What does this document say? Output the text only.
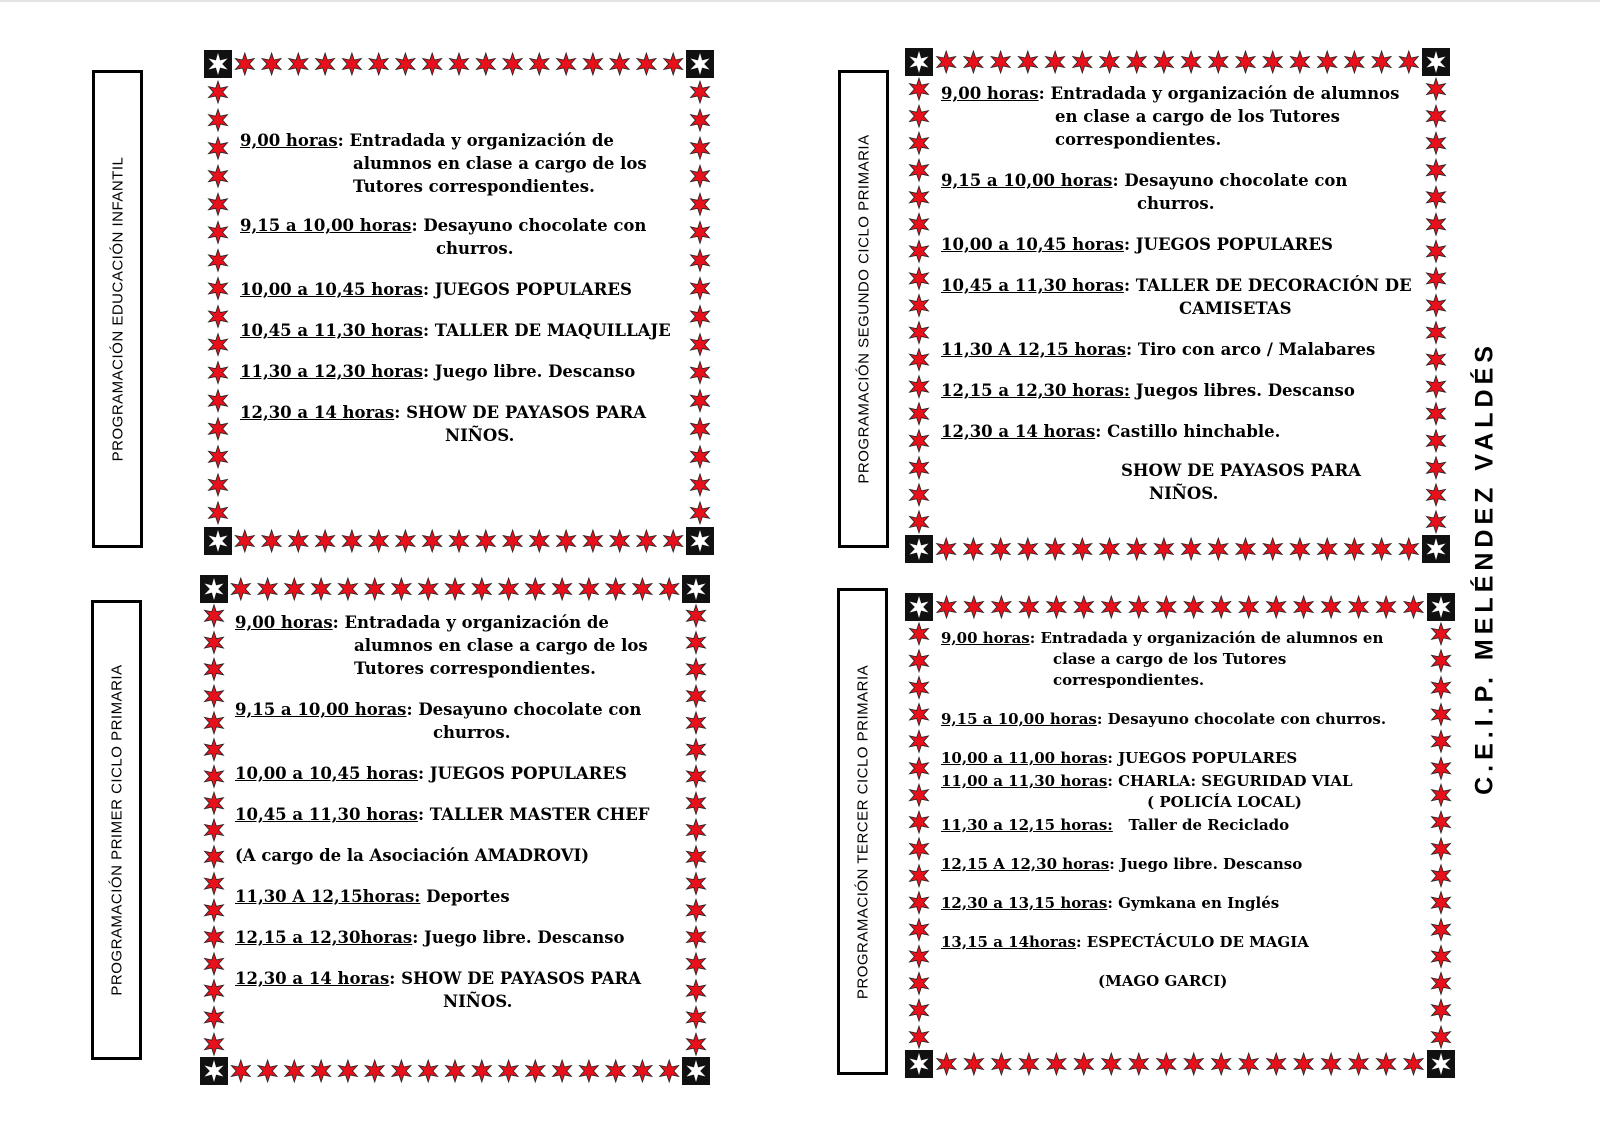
PROGRAMACIÓN EDUCACIÓN INFANTIL
PROGRAMACIÓN PRIMER CICLO PRIMARIA
PROGRAMACIÓN SEGUNDO CICLO PRIMARIA
PROGRAMACIÓN TERCER CICLO PRIMARIA
C.E.I.P. MELÉNDEZ VALDÉS

9,00 horas: Entradada y organización de
alumnos en clase a cargo de los Tutores correspondientes.

9,15 a 10,00 horas: Desayuno chocolate con
churros.

10,00 a 10,45 horas: JUEGOS POPULARES

10,45 a 11,30 horas: TALLER DE MAQUILLAJE

11,30 a 12,30 horas: Juego libre. Descanso

12,30 a 14 horas: SHOW DE PAYASOS PARA
NIÑOS.

9,00 horas: Entradada y organización de
alumnos en clase a cargo de los Tutores correspondientes.

9,15 a 10,00 horas: Desayuno chocolate con
churros.

10,00 a 10,45 horas: JUEGOS POPULARES

10,45 a 11,30 horas: TALLER MASTER CHEF

(A cargo de la Asociación AMADROVI)

11,30 A 12,15horas: Deportes

12,15 a 12,30horas: Juego libre. Descanso

12,30 a 14 horas: SHOW DE PAYASOS PARA
NIÑOS.

9,00 horas: Entradada y organización de alumnos
en clase a cargo de los Tutores correspondientes.

9,15 a 10,00 horas: Desayuno chocolate con
churros.

10,00 a 10,45 horas: JUEGOS POPULARES

10,45 a 11,30 horas: TALLER DE DECORACIÓN DE
CAMISETAS

11,30 A 12,15 horas: Tiro con arco / Malabares

12,15 a 12,30 horas: Juegos libres. Descanso

12,30 a 14 horas: Castillo hinchable.

SHOW DE PAYASOS PARA
NIÑOS.

9,00 horas: Entradada y organización de alumnos en
clase a cargo de los Tutores correspondientes.

9,15 a 10,00 horas: Desayuno chocolate con churros.

10,00 a 11,00 horas: JUEGOS POPULARES

11,00 a 11,30 horas: CHARLA: SEGURIDAD VIAL
( POLICÍA LOCAL)

11,30 a 12,15 horas: Taller de Reciclado

12,15 A 12,30 horas: Juego libre. Descanso

12,30 a 13,15 horas: Gymkana en Inglés

13,15 a 14horas: ESPECTÁCULO DE MAGIA

(MAGO GARCI)
